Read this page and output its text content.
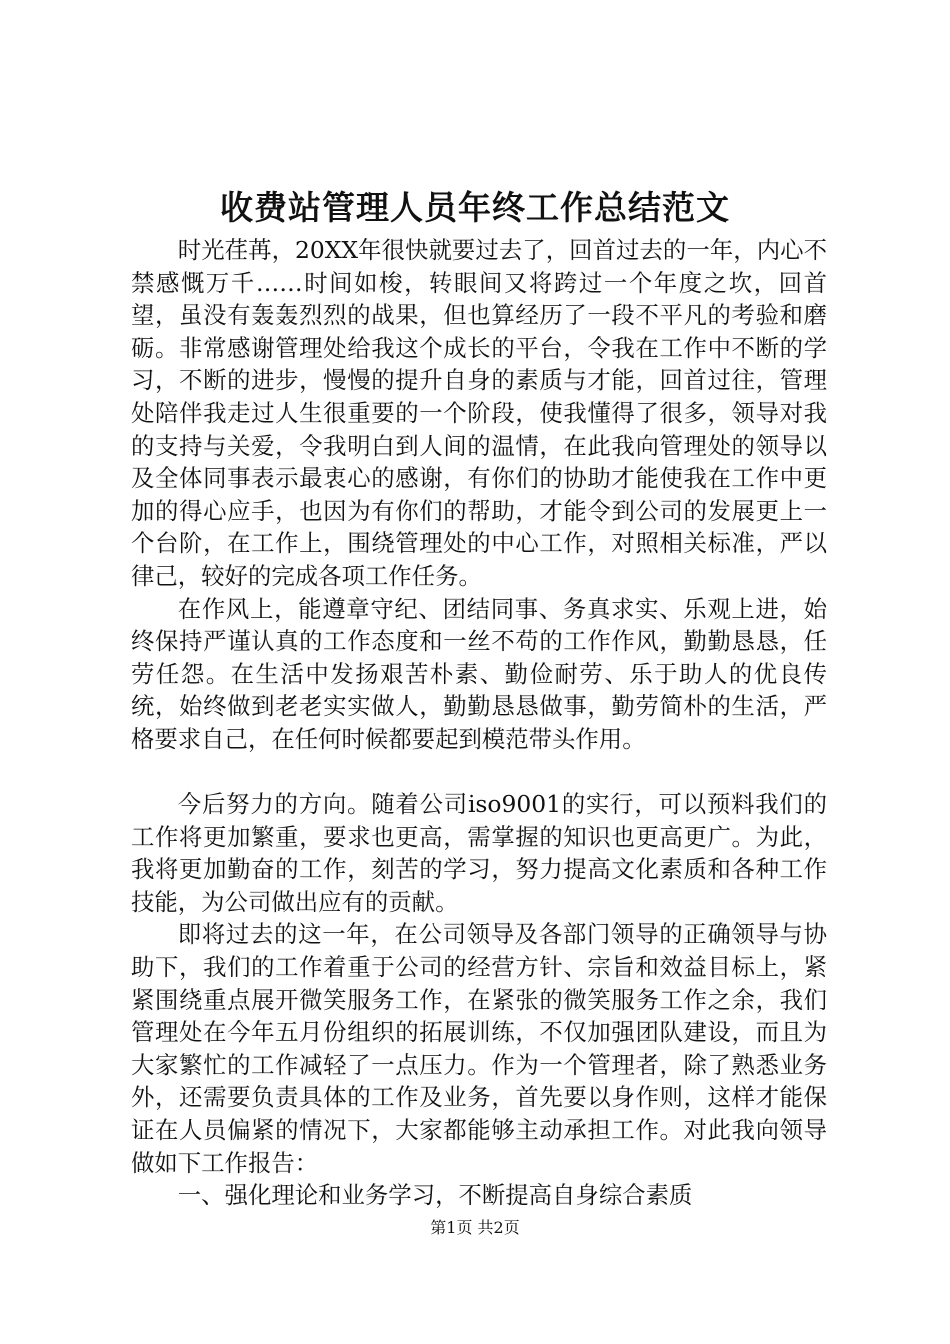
收费站管理人员年终工作总结范文

时光荏苒，20XX年很快就要过去了，回首过去的一年，内心不禁感慨万千……时间如梭，转眼间又将跨过一个年度之坎，回首望，虽没有轰轰烈烈的战果，但也算经历了一段不平凡的考验和磨砺。非常感谢管理处给我这个成长的平台，令我在工作中不断的学习，不断的进步，慢慢的提升自身的素质与才能，回首过往，管理处陪伴我走过人生很重要的一个阶段，使我懂得了很多，领导对我的支持与关爱，令我明白到人间的温情，在此我向管理处的领导以及全体同事表示最衷心的感谢，有你们的协助才能使我在工作中更加的得心应手，也因为有你们的帮助，才能令到公司的发展更上一个台阶，在工作上，围绕管理处的中心工作，对照相关标准，严以律己，较好的完成各项工作任务。

在作风上，能遵章守纪、团结同事、务真求实、乐观上进，始终保持严谨认真的工作态度和一丝不苟的工作作风，勤勤恳恳，任劳任怨。在生活中发扬艰苦朴素、勤俭耐劳、乐于助人的优良传统，始终做到老老实实做人，勤勤恳恳做事，勤劳简朴的生活，严格要求自己，在任何时候都要起到模范带头作用。

今后努力的方向。随着公司iso9001的实行，可以预料我们的工作将更加繁重，要求也更高，需掌握的知识也更高更广。为此，我将更加勤奋的工作，刻苦的学习，努力提高文化素质和各种工作技能，为公司做出应有的贡献。

即将过去的这一年，在公司领导及各部门领导的正确领导与协助下，我们的工作着重于公司的经营方针、宗旨和效益目标上，紧紧围绕重点展开微笑服务工作，在紧张的微笑服务工作之余，我们管理处在今年五月份组织的拓展训练，不仅加强团队建设，而且为大家繁忙的工作减轻了一点压力。作为一个管理者，除了熟悉业务外，还需要负责具体的工作及业务，首先要以身作则，这样才能保证在人员偏紧的情况下，大家都能够主动承担工作。对此我向领导做如下工作报告：

一、强化理论和业务学习，不断提高自身综合素质

第1页 共2页
